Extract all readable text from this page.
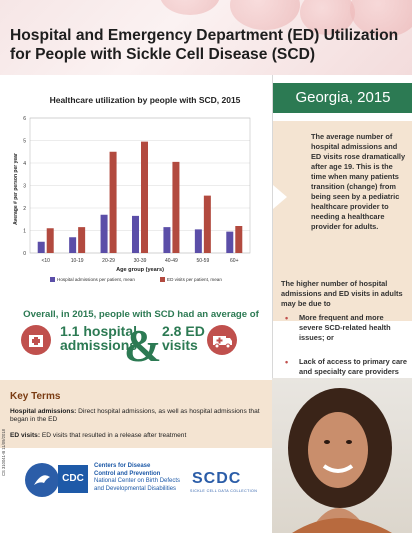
Hospital and Emergency Department (ED) Utilization for People with Sickle Cell Disease (SCD)
Healthcare utilization by people with SCD, 2015
Average # per person per year
0
1
2
3
4
5
6
<10	10-19	20-29	30-39	40-49	50-59	60+
Age group (years)
Hospital admissions per patient, mean	ED visits per patient, mean
Overall, in 2015, people with SCD had an average of
1.1 hospital
admissions
& 2.8 ED
visits
Georgia, 2015
The average number of hospital admissions and ED visits rose dramatically after age 19. This is the time when many patients transition (change) from being seen by a pediatric healthcare provider to needing a healthcare provider for adults.
The higher number of hospital admissions and ED visits in adults may be due to
• More frequent and more severe SCD-related health issues; or
• Lack of access to primary care and specialty care providers
Key Terms
Hospital admissions: Direct hospital admissions, as well as hospital admissions that began in the ED
ED visits: ED visits that resulted in a release after treatment
CS 310041-B 11/09/2018
CDC
Centers for Disease
Control and Prevention
National Center on Birth Defects
and Developmental Disabilities
SCDC
SICKLE CELL DATA COLLECTION
